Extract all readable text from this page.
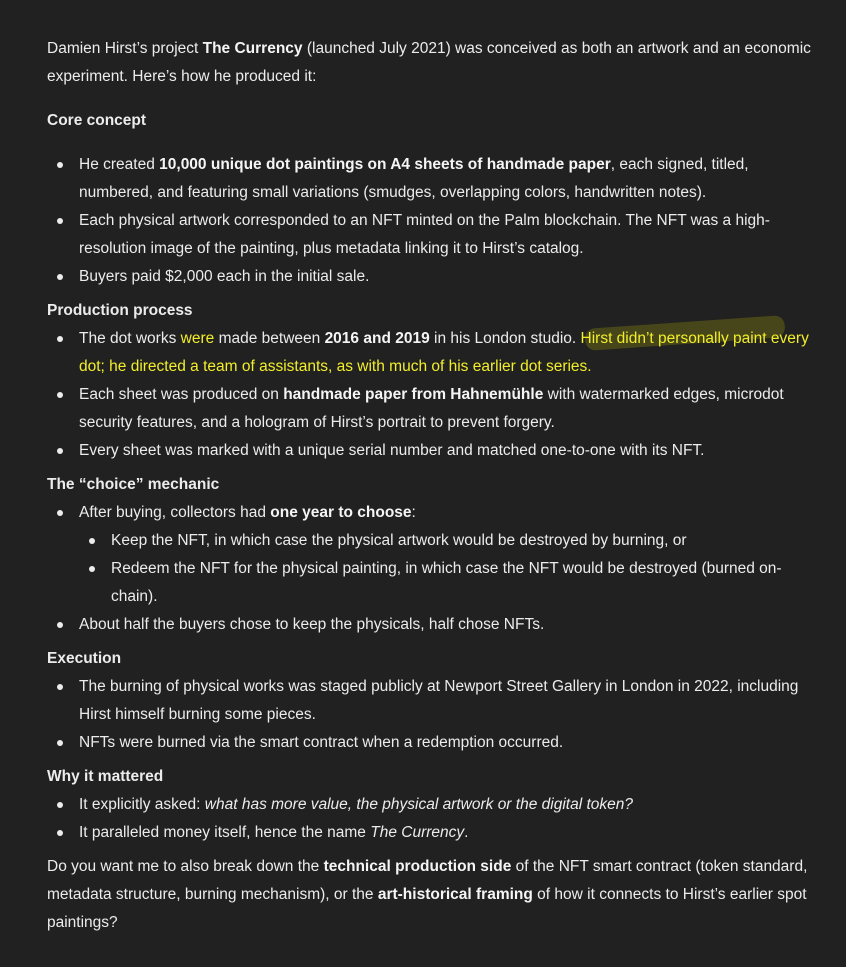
Damien Hirst’s project The Currency (launched July 2021) was conceived as both an artwork and an economic experiment. Here’s how he produced it:

Core concept
He created 10,000 unique dot paintings on A4 sheets of handmade paper, each signed, titled, numbered, and featuring small variations (smudges, overlapping colors, handwritten notes).
Each physical artwork corresponded to an NFT minted on the Palm blockchain. The NFT was a high-resolution image of the painting, plus metadata linking it to Hirst’s catalog.
Buyers paid $2,000 each in the initial sale.
Production process
The dot works were made between 2016 and 2019 in his London studio. Hirst didn’t personally paint every dot; he directed a team of assistants, as with much of his earlier dot series.
Each sheet was produced on handmade paper from Hahnemühle with watermarked edges, microdot security features, and a hologram of Hirst’s portrait to prevent forgery.
Every sheet was marked with a unique serial number and matched one-to-one with its NFT.
The “choice” mechanic
After buying, collectors had one year to choose:
Keep the NFT, in which case the physical artwork would be destroyed by burning, or
Redeem the NFT for the physical painting, in which case the NFT would be destroyed (burned on-chain).
About half the buyers chose to keep the physicals, half chose NFTs.
Execution
The burning of physical works was staged publicly at Newport Street Gallery in London in 2022, including Hirst himself burning some pieces.
NFTs were burned via the smart contract when a redemption occurred.
Why it mattered
It explicitly asked: what has more value, the physical artwork or the digital token?
It paralleled money itself, hence the name The Currency.

Do you want me to also break down the technical production side of the NFT smart contract (token standard, metadata structure, burning mechanism), or the art-historical framing of how it connects to Hirst’s earlier spot paintings?
